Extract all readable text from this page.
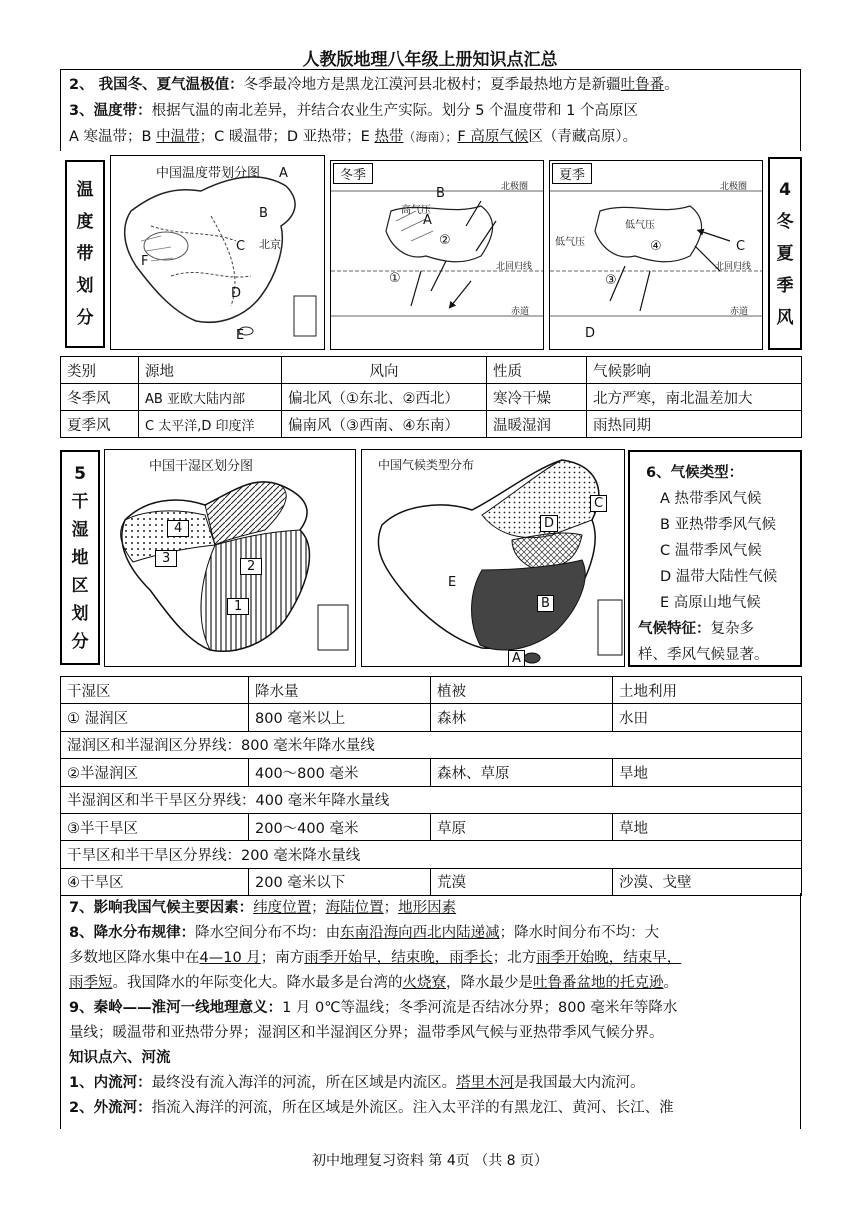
人教版地理八年级上册知识点汇总
2、 我国冬、夏气温极值：冬季最冷地方是黑龙江漠河县北极村；夏季最热地方是新疆吐鲁番。
3、温度带：根据气温的南北差异，并结合农业生产实际。划分 5 个温度带和 1 个高原区
A 寒温带；B 中温带；C 暖温带；D 亚热带；E 热带（海南）；F 高原气候区（青藏高原）。
温
度
带
划
分
中国温度带划分图 A
B
C
D
E
F
北京
冬季
B
高气压
A
②
①
北极圈
北回归线
赤道
夏季
C
低气压
低气压	④
③
D
北极圈
北回归线
赤道
4
冬
夏
季
风
类别	源地	风向	性质	气候影响
冬季风	AB 亚欧大陆内部	偏北风（①东北、②西北）	寒冷干燥	北方严寒，南北温差加大
夏季风	C 太平洋,D 印度洋	偏南风（③西南、④东南）	温暖湿润	雨热同期
5
干
湿
地
区
划
分
中国干湿区划分图
4
3
2
1
中国气候类型分布
C
D
E
B
A
6、气候类型：
A 热带季风气候
B 亚热带季风气候
C 温带季风气候
D 温带大陆性气候
E 高原山地气候
气候特征：复杂多
样、季风气候显著。
干湿区	降水量	植被	土地利用
① 湿润区	800 毫米以上	森林	水田
湿润区和半湿润区分界线：800 毫米年降水量线			
②半湿润区	400～800 毫米	森林、草原	旱地
半湿润区和半干旱区分界线：400 毫米年降水量线			
③半干旱区	200～400 毫米	草原	草地
干旱区和半干旱区分界线：200 毫米降水量线			
④干旱区	200 毫米以下	荒漠	沙漠、戈壁
7、影响我国气候主要因素：纬度位置；海陆位置；地形因素
8、降水分布规律：降水空间分布不均：由东南沿海向西北内陆递减；降水时间分布不均：大
多数地区降水集中在4—10 月；南方雨季开始早，结束晚，雨季长；北方雨季开始晚，结束早，
雨季短。我国降水的年际变化大。降水最多是台湾的火烧寮，降水最少是吐鲁番盆地的托克逊。
9、秦岭——淮河一线地理意义：1 月 0℃等温线；冬季河流是否结冰分界；800 毫米年等降水
量线；暖温带和亚热带分界；湿润区和半湿润区分界；温带季风气候与亚热带季风气候分界。
知识点六、河流
1、内流河：最终没有流入海洋的河流，所在区域是内流区。塔里木河是我国最大内流河。
2、外流河：指流入海洋的河流，所在区域是外流区。注入太平洋的有黑龙江、黄河、长江、淮
初中地理复习资料 第 4页 （共 8 页）
